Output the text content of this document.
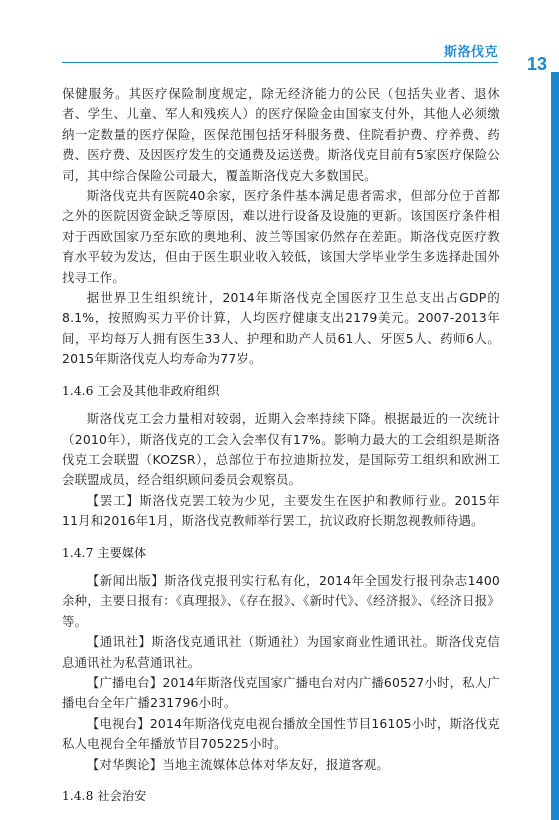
斯洛伐克
13

保健服务。其医疗保险制度规定，除无经济能力的公民（包括失业者、退休者、学生、儿童、军人和残疾人）的医疗保险金由国家支付外，其他人必须缴纳一定数量的医疗保险，医保范围包括牙科服务费、住院看护费、疗养费、药费、医疗费、及因医疗发生的交通费及运送费。斯洛伐克目前有5家医疗保险公司，其中综合保险公司最大，覆盖斯洛伐克大多数国民。

斯洛伐克共有医院40余家，医疗条件基本满足患者需求，但部分位于首都之外的医院因资金缺乏等原因，难以进行设备及设施的更新。该国医疗条件相对于西欧国家乃至东欧的奥地利、波兰等国家仍然存在差距。斯洛伐克医疗教育水平较为发达，但由于医生职业收入较低，该国大学毕业学生多选择赴国外找寻工作。

据世界卫生组织统计，2014年斯洛伐克全国医疗卫生总支出占GDP的8.1%，按照购买力平价计算，人均医疗健康支出2179美元。2007-2013年间，平均每万人拥有医生33人、护理和助产人员61人、牙医5人、药师6人。2015年斯洛伐克人均寿命为77岁。

1.4.6 工会及其他非政府组织

斯洛伐克工会力量相对较弱，近期入会率持续下降。根据最近的一次统计（2010年），斯洛伐克的工会入会率仅有17%。影响力最大的工会组织是斯洛伐克工会联盟（KOZSR），总部位于布拉迪斯拉发，是国际劳工组织和欧洲工会联盟成员，经合组织顾问委员会观察员。

【罢工】斯洛伐克罢工较为少见，主要发生在医护和教师行业。2015年11月和2016年1月，斯洛伐克教师举行罢工，抗议政府长期忽视教师待遇。

1.4.7 主要媒体

【新闻出版】斯洛伐克报刊实行私有化，2014年全国发行报刊杂志1400余种，主要日报有：《真理报》、《存在报》、《新时代》、《经济报》、《经济日报》等。

【通讯社】斯洛伐克通讯社（斯通社）为国家商业性通讯社。斯洛伐克信息通讯社为私营通讯社。

【广播电台】2014年斯洛伐克国家广播电台对内广播60527小时，私人广播电台全年广播231796小时。

【电视台】2014年斯洛伐克电视台播放全国性节目16105小时，斯洛伐克私人电视台全年播放节目705225小时。

【对华舆论】当地主流媒体总体对华友好，报道客观。

1.4.8 社会治安
